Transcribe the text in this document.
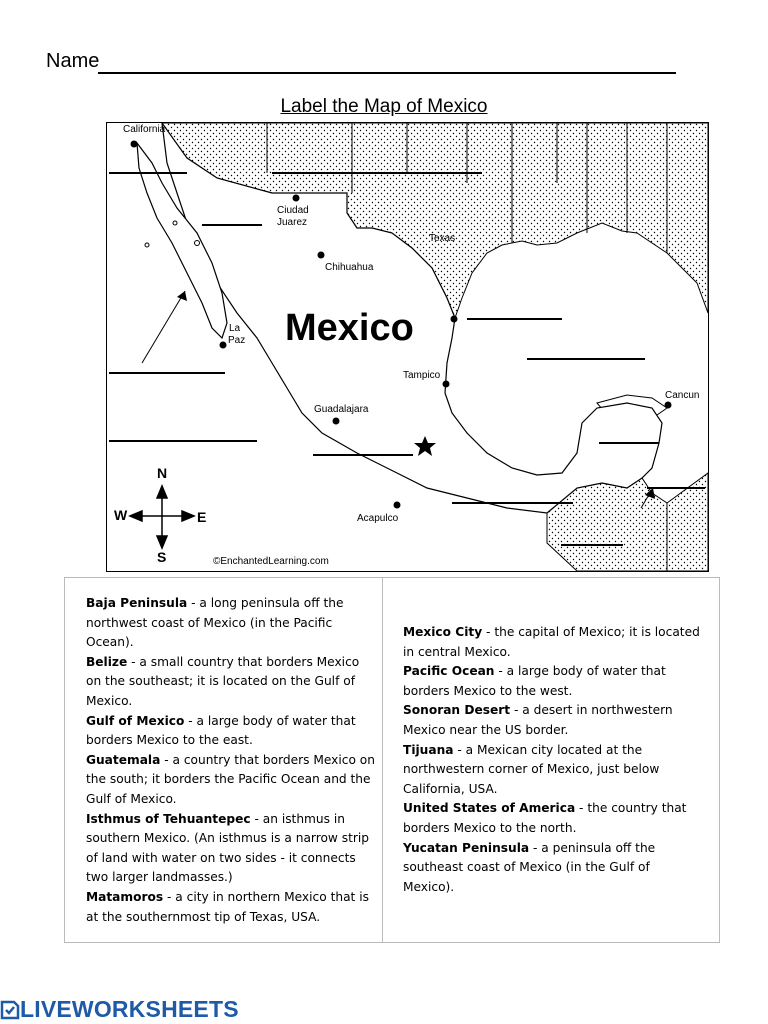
Name
Label the Map of Mexico
California
Ciudad
Juarez
Chihuahua
Texas
La
Paz
Tampico
Guadalajara
Cancun
Acapulco
Mexico
N
S
W	E
©EnchantedLearning.com

Baja Peninsula - a long peninsula off the northwest coast of Mexico (in the Pacific Ocean).

Belize - a small country that borders Mexico on the southeast; it is located on the Gulf of Mexico.

Gulf of Mexico - a large body of water that borders Mexico to the east.

Guatemala - a country that borders Mexico on the south; it borders the Pacific Ocean and the Gulf of Mexico.

Isthmus of Tehuantepec - an isthmus in southern Mexico. (An isthmus is a narrow strip of land with water on two sides - it connects two larger landmasses.)

Matamoros - a city in northern Mexico that is at the southernmost tip of Texas, USA.

Mexico City - the capital of Mexico; it is located in central Mexico.

Pacific Ocean - a large body of water that borders Mexico to the west.

Sonoran Desert - a desert in northwestern Mexico near the US border.

Tijuana - a Mexican city located at the northwestern corner of Mexico, just below California, USA.

United States of America - the country that borders Mexico to the north.

Yucatan Peninsula - a peninsula off the southeast coast of Mexico (in the Gulf of Mexico).

LIVEWORKSHEETS
